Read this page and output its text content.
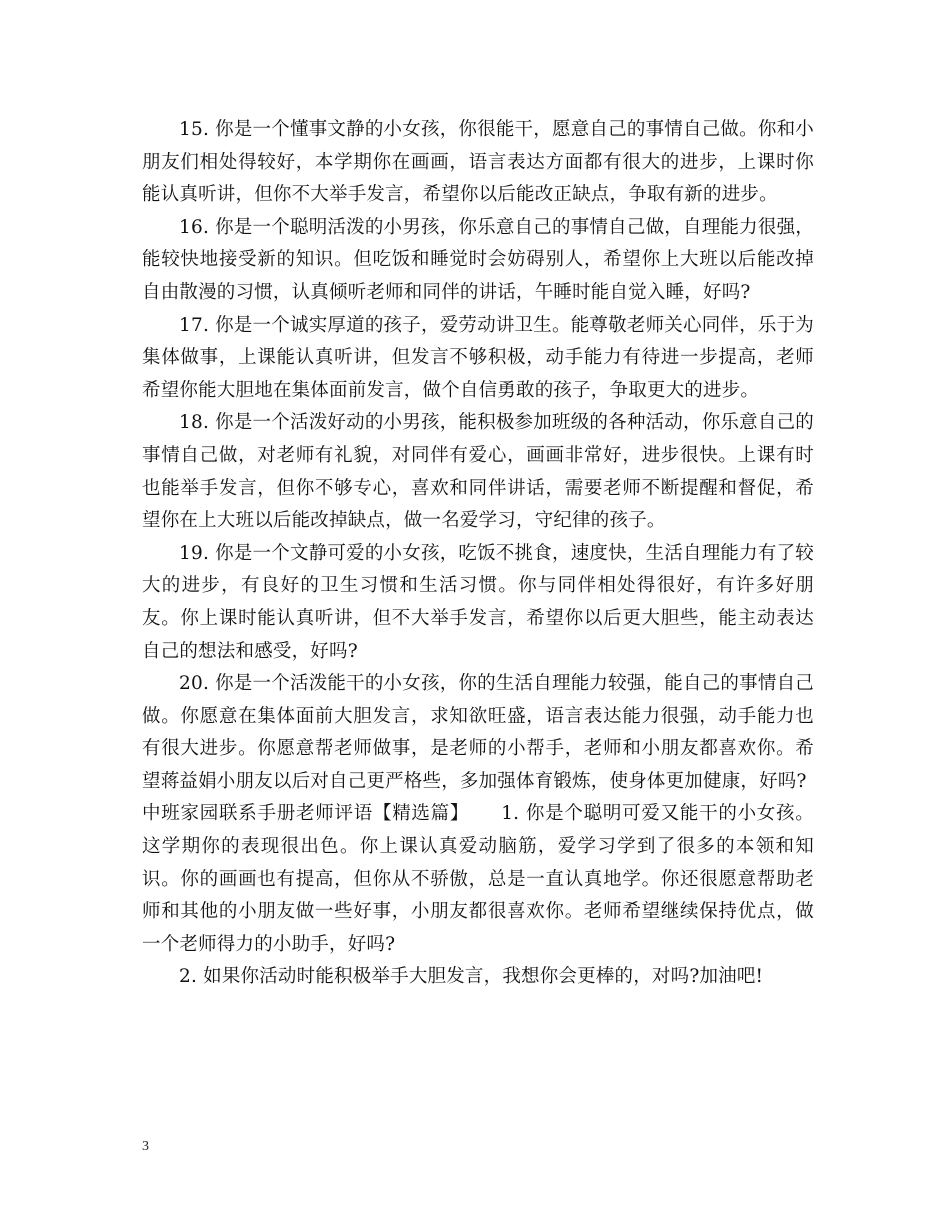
15. 你是一个懂事文静的小女孩，你很能干，愿意自己的事情自己做。你和小朋友们相处得较好，本学期你在画画，语言表达方面都有很大的进步，上课时你能认真听讲，但你不大举手发言，希望你以后能改正缺点，争取有新的进步。

16. 你是一个聪明活泼的小男孩，你乐意自己的事情自己做，自理能力很强，能较快地接受新的知识。但吃饭和睡觉时会妨碍别人，希望你上大班以后能改掉自由散漫的习惯，认真倾听老师和同伴的讲话，午睡时能自觉入睡，好吗?

17. 你是一个诚实厚道的孩子，爱劳动讲卫生。能尊敬老师关心同伴，乐于为集体做事，上课能认真听讲，但发言不够积极，动手能力有待进一步提高，老师希望你能大胆地在集体面前发言，做个自信勇敢的孩子，争取更大的进步。

18. 你是一个活泼好动的小男孩，能积极参加班级的各种活动，你乐意自己的事情自己做，对老师有礼貌，对同伴有爱心，画画非常好，进步很快。上课有时也能举手发言，但你不够专心，喜欢和同伴讲话，需要老师不断提醒和督促，希望你在上大班以后能改掉缺点，做一名爱学习，守纪律的孩子。

19. 你是一个文静可爱的小女孩，吃饭不挑食，速度快，生活自理能力有了较大的进步，有良好的卫生习惯和生活习惯。你与同伴相处得很好，有许多好朋友。你上课时能认真听讲，但不大举手发言，希望你以后更大胆些，能主动表达自己的想法和感受，好吗?

20. 你是一个活泼能干的小女孩，你的生活自理能力较强，能自己的事情自己做。你愿意在集体面前大胆发言，求知欲旺盛，语言表达能力很强，动手能力也有很大进步。你愿意帮老师做事，是老师的小帮手，老师和小朋友都喜欢你。希望蒋益娟小朋友以后对自己更严格些，多加强体育锻炼，使身体更加健康，好吗?

中班家园联系手册老师评语【精选篇】 1. 你是个聪明可爱又能干的小女孩。这学期你的表现很出色。你上课认真爱动脑筋，爱学习学到了很多的本领和知识。你的画画也有提高，但你从不骄傲，总是一直认真地学。你还很愿意帮助老师和其他的小朋友做一些好事，小朋友都很喜欢你。老师希望继续保持优点，做一个老师得力的小助手，好吗?

2. 如果你活动时能积极举手大胆发言，我想你会更棒的，对吗?加油吧!

3
